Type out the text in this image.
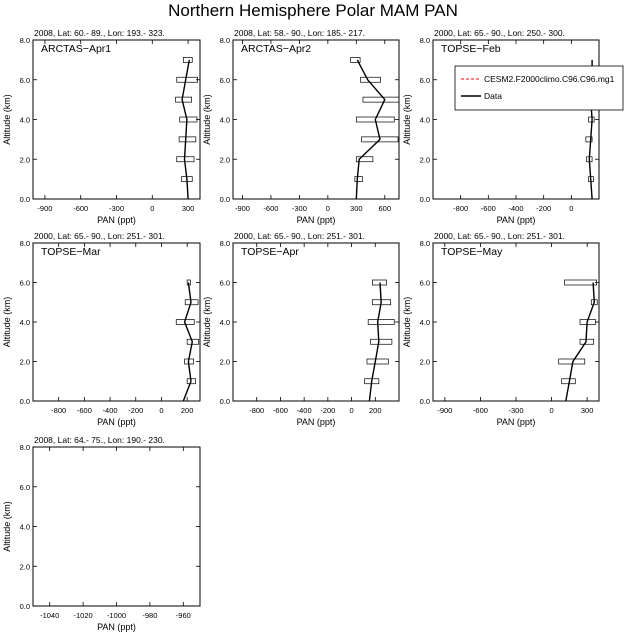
Northern Hemisphere Polar MAM PAN
2008, Lat: 60.- 89., Lon: 193.- 323.
0.0
2.0
4.0
6.0
8.0
-900	-600	-300	0	300
PAN (ppt)
Altitude (km)
ARCTAS−Apr1
2008, Lat: 58.- 90., Lon: 185.- 217.
0.0
2.0
4.0
6.0
8.0
-900 -600 -300	0	300 600
PAN (ppt)
Altitude (km)
ARCTAS−Apr2
2000, Lat: 65.- 90., Lon: 250.- 300.
0.0
2.0
4.0
6.0
8.0
-800 -600 -400 -200 0
PAN (ppt)
Altitude (km)
TOPSE−Feb
CESM2.F2000climo.C96.C96.mg1
Data
2000, Lat: 65.- 90., Lon: 251.- 301.
0.0
2.0
4.0
6.0
8.0
-800 -600 -400 -200 0 200
PAN (ppt)
Altitude (km)
TOPSE−Mar
2000, Lat: 65.- 90., Lon: 251.- 301.
0.0
2.0
4.0
6.0
8.0
-800 -600 -400 -200 0 200
PAN (ppt)
Altitude (km)
TOPSE−Apr
2000, Lat: 65.- 90., Lon: 251.- 301.
0.0
2.0
4.0
6.0
8.0
-900	-600	-300	0	300
PAN (ppt)
Altitude (km)
TOPSE−May
2008, Lat: 64.- 75., Lon: 190.- 230.
0.0
2.0
4.0
6.0
8.0
-1040 -1020 -1000 -980 -960
PAN (ppt)
Altitude (km)
